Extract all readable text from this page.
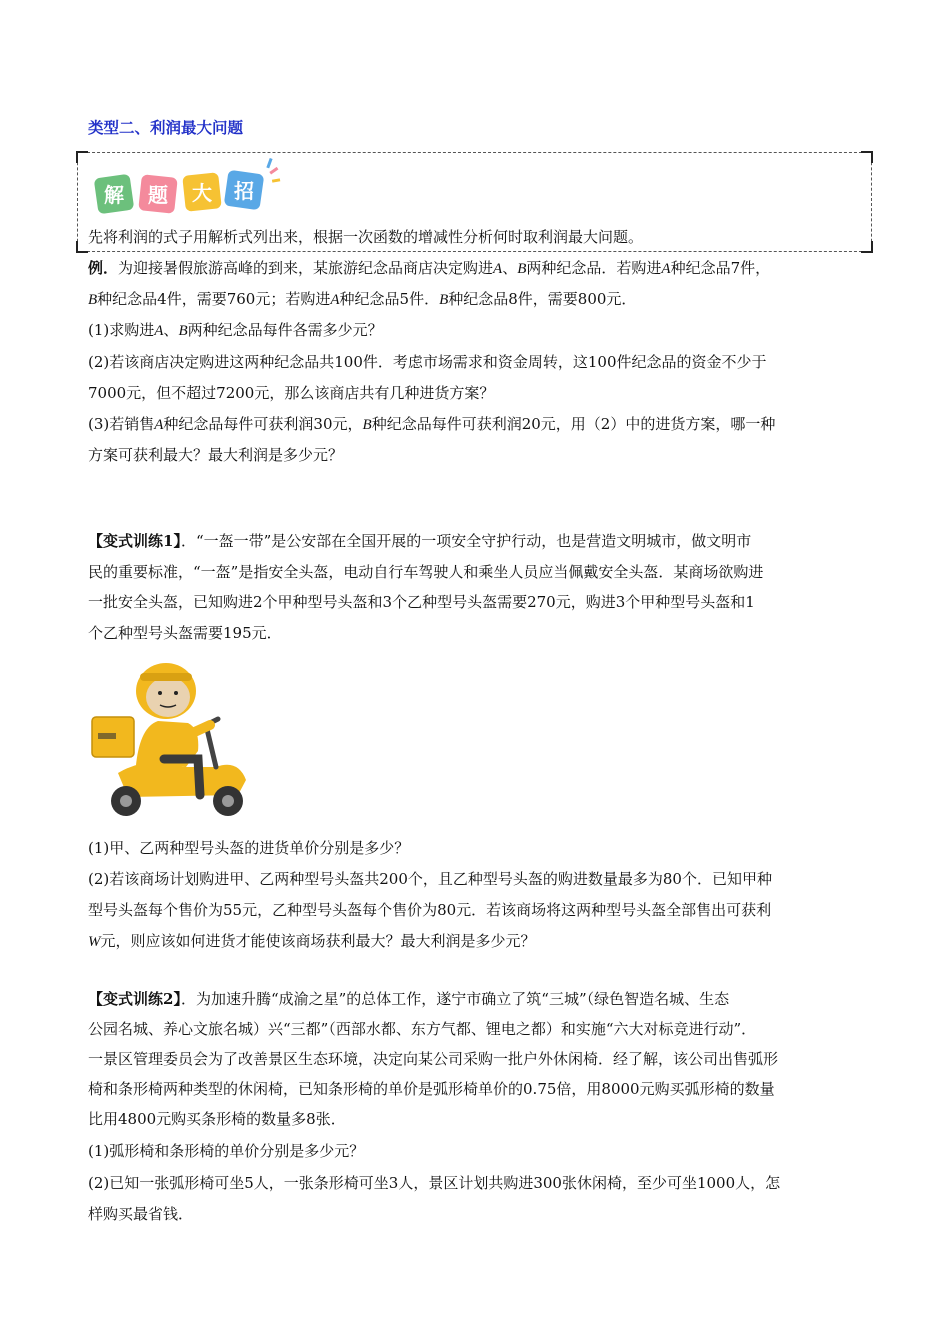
类型二、利润最大问题
解 题 大 招
先将利润的式子用解析式列出来，根据一次函数的增减性分析何时取利润最大问题。
例．为迎接暑假旅游高峰的到来，某旅游纪念品商店决定购进A、B两种纪念品．若购进A种纪念品7件，
B种纪念品4件，需要760元；若购进A种纪念品5件．B种纪念品8件，需要800元．
(1)求购进A、B两种纪念品每件各需多少元？
(2)若该商店决定购进这两种纪念品共100件．考虑市场需求和资金周转，这100件纪念品的资金不少于
7000元，但不超过7200元，那么该商店共有几种进货方案？
(3)若销售A种纪念品每件可获利润30元，B种纪念品每件可获利润20元，用（2）中的进货方案，哪一种
方案可获利最大？最大利润是多少元？
【变式训练1】．“一盔一带”是公安部在全国开展的一项安全守护行动，也是营造文明城市，做文明市
民的重要标准，“一盔”是指安全头盔，电动自行车驾驶人和乘坐人员应当佩戴安全头盔．某商场欲购进
一批安全头盔，已知购进2个甲种型号头盔和3个乙种型号头盔需要270元，购进3个甲种型号头盔和1
个乙种型号头盔需要195元．
(1)甲、乙两种型号头盔的进货单价分别是多少？
(2)若该商场计划购进甲、乙两种型号头盔共200个，且乙种型号头盔的购进数量最多为80个．已知甲种
型号头盔每个售价为55元，乙种型号头盔每个售价为80元．若该商场将这两种型号头盔全部售出可获利
W元，则应该如何进货才能使该商场获利最大？最大利润是多少元？
【变式训练2】．为加速升腾“成渝之星”的总体工作，遂宁市确立了筑“三城”（绿色智造名城、生态
公园名城、养心文旅名城）兴“三都”（西部水都、东方气都、锂电之都）和实施“六大对标竞进行动”．
一景区管理委员会为了改善景区生态环境，决定向某公司采购一批户外休闲椅．经了解，该公司出售弧形
椅和条形椅两种类型的休闲椅，已知条形椅的单价是弧形椅单价的0.75倍，用8000元购买弧形椅的数量
比用4800元购买条形椅的数量多8张．
(1)弧形椅和条形椅的单价分别是多少元？
(2)已知一张弧形椅可坐5人，一张条形椅可坐3人，景区计划共购进300张休闲椅，至少可坐1000人，怎
样购买最省钱．
